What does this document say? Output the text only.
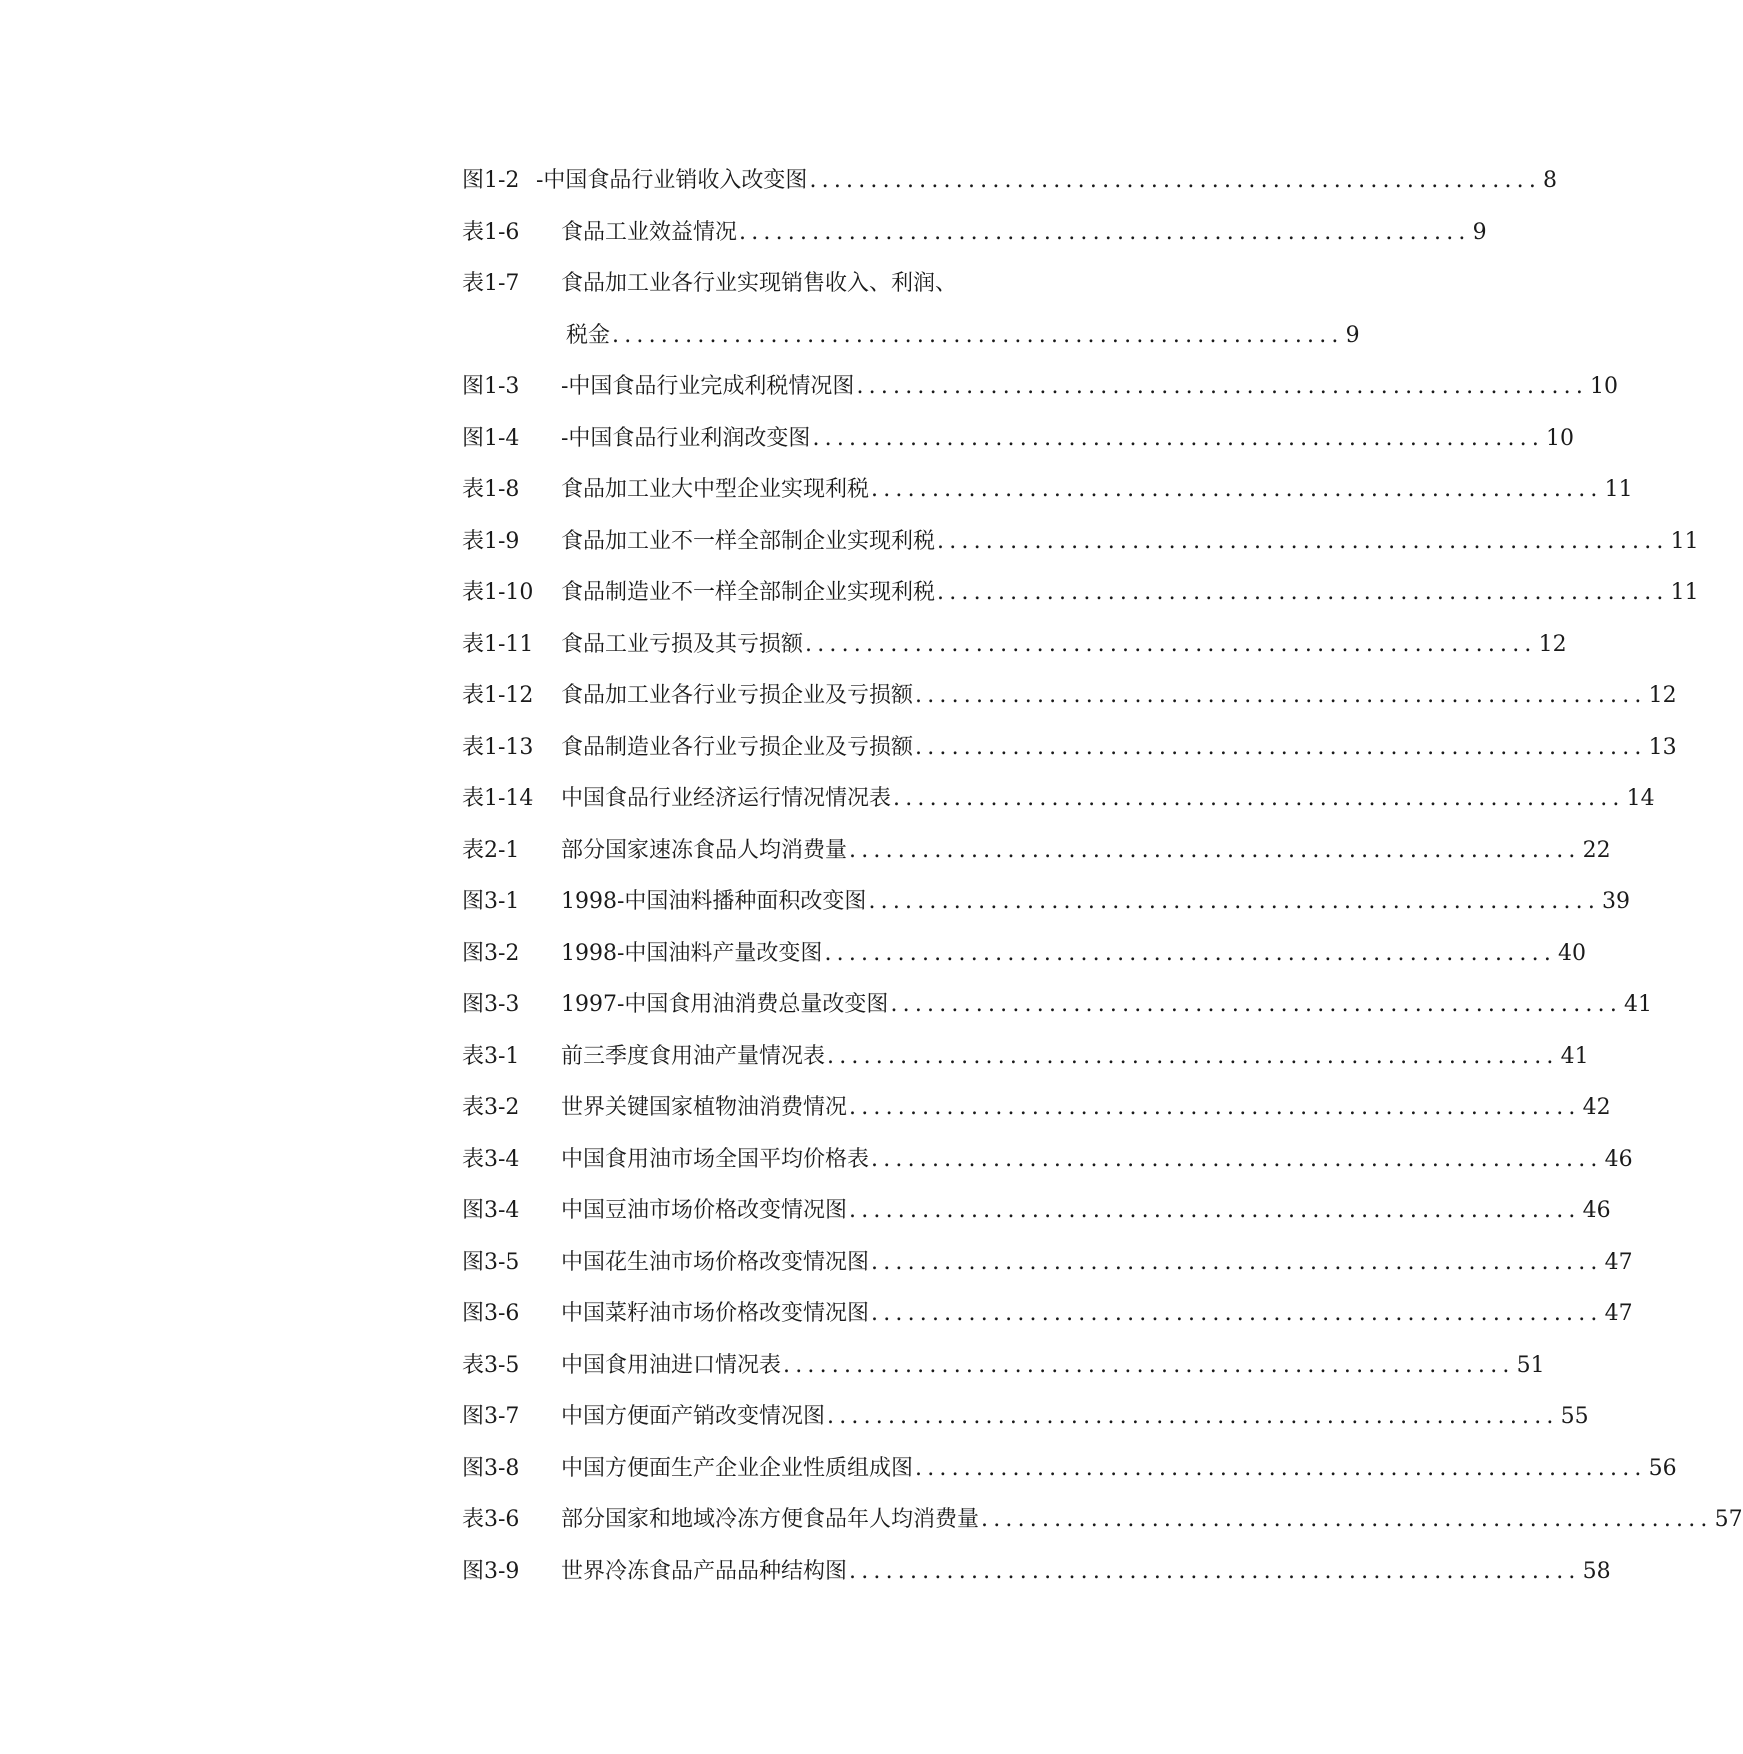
图1-2 -中国食品行业销收入改变图 ............................................................ 8
表1-6 食品工业效益情况 ............................................................ 9
表1-7 食品加工业各行业实现销售收入、利润、
税金 ............................................................ 9
图1-3 -中国食品行业完成利税情况图 ............................................................ 10
图1-4 -中国食品行业利润改变图 ............................................................ 10
表1-8 食品加工业大中型企业实现利税 ............................................................ 11
表1-9 食品加工业不一样全部制企业实现利税 ............................................................ 11
表1-10 食品制造业不一样全部制企业实现利税 ............................................................ 11
表1-11 食品工业亏损及其亏损额 ............................................................ 12
表1-12 食品加工业各行业亏损企业及亏损额 ............................................................ 12
表1-13 食品制造业各行业亏损企业及亏损额 ............................................................ 13
表1-14 中国食品行业经济运行情况情况表 ............................................................ 14
表2-1 部分国家速冻食品人均消费量 ............................................................ 22
图3-1 1998-中国油料播种面积改变图 ............................................................ 39
图3-2 1998-中国油料产量改变图 ............................................................ 40
图3-3 1997-中国食用油消费总量改变图 ............................................................ 41
表3-1 前三季度食用油产量情况表 ............................................................ 41
表3-2 世界关键国家植物油消费情况 ............................................................ 42
表3-4 中国食用油市场全国平均价格表 ............................................................ 46
图3-4 中国豆油市场价格改变情况图 ............................................................ 46
图3-5 中国花生油市场价格改变情况图 ............................................................ 47
图3-6 中国菜籽油市场价格改变情况图 ............................................................ 47
表3-5 中国食用油进口情况表 ............................................................ 51
图3-7 中国方便面产销改变情况图 ............................................................ 55
图3-8 中国方便面生产企业企业性质组成图 ............................................................ 56
表3-6 部分国家和地域冷冻方便食品年人均消费量 ............................................................ 57
图3-9 世界冷冻食品产品品种结构图 ............................................................ 58
